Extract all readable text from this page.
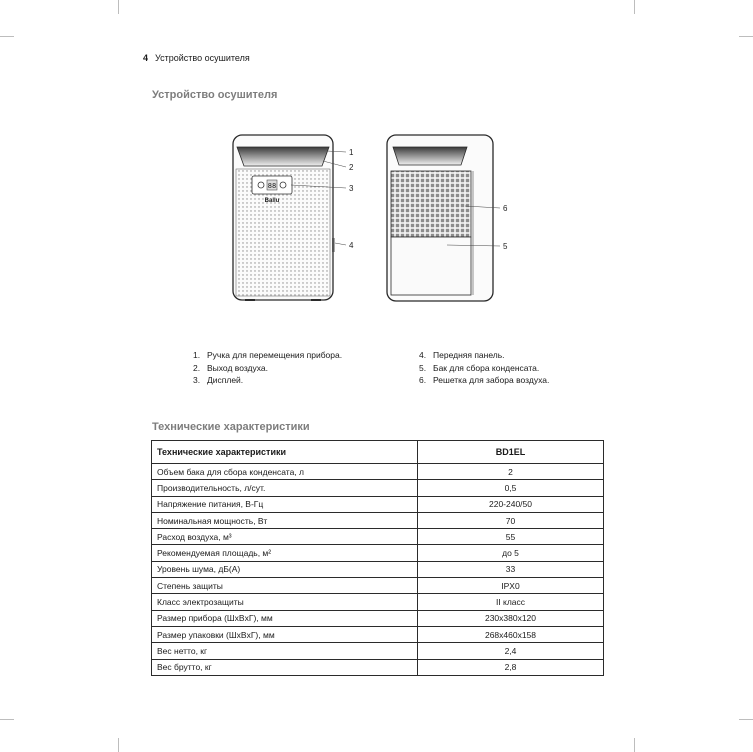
4 Устройство осушителя
Устройство осушителя
88
Ballu
1
2
3
4	5
6
1. Ручка для перемещения прибора.
2. Выход воздуха.
3. Дисплей.
4. Передняя панель.
5. Бак для сбора конденсата.
6. Решетка для забора воздуха.
Технические характеристики
Технические характеристики	BD1EL
Объем бака для сбора конденсата, л	2
Производительность, л/сут.	0,5
Напряжение питания, В-Гц	220-240/50
Номинальная мощность, Вт	70
Расход воздуха, м³	55
Рекомендуемая площадь, м²	до 5
Уровень шума, дБ(А)	33
Степень защиты	IPX0
Класс электрозащиты	II класс
Размер прибора (ШxВxГ), мм	230x380x120
Размер упаковки (ШxВxГ), мм	268x460x158
Вес нетто, кг	2,4
Вес брутто, кг	2,8
